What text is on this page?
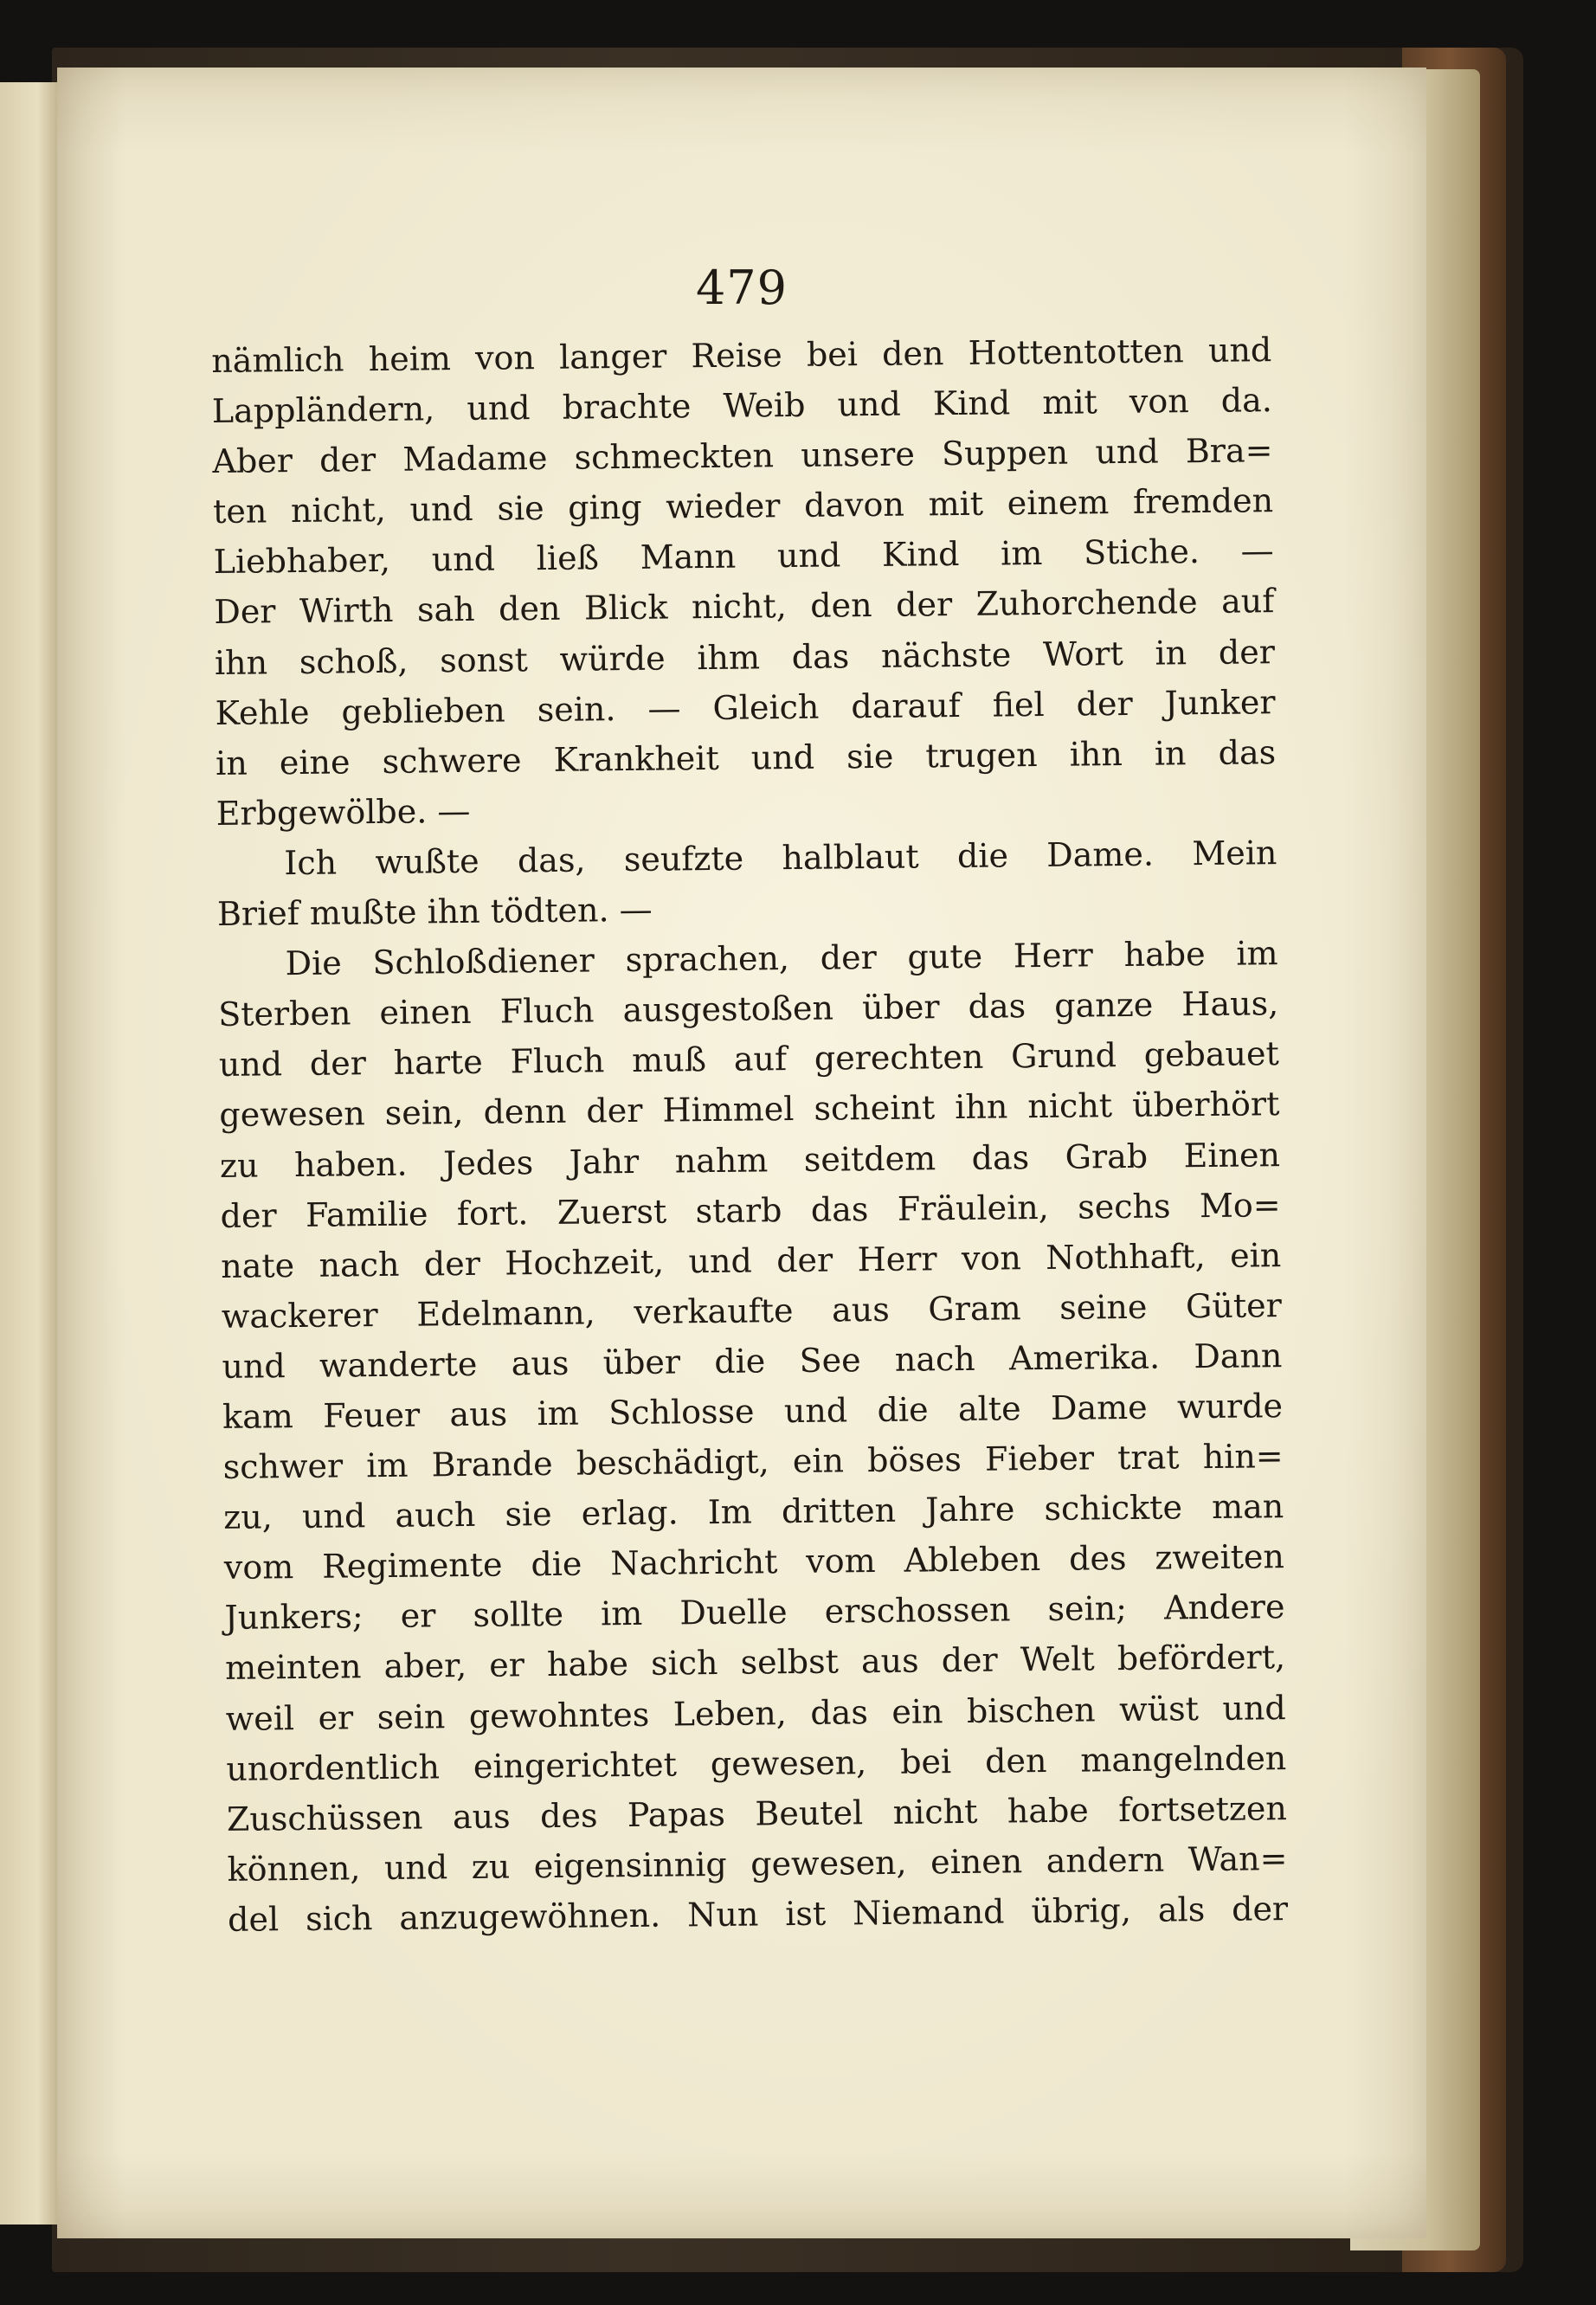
479
nämlich heim von langer Reise bei den Hottentotten und
Lappländern, und brachte Weib und Kind mit von da.
Aber der Madame schmeckten unsere Suppen und Bra=
ten nicht, und sie ging wieder davon mit einem fremden
Liebhaber, und ließ Mann und Kind im Stiche. —
Der Wirth sah den Blick nicht, den der Zuhorchende auf
ihn schoß, sonst würde ihm das nächste Wort in der
Kehle geblieben sein. — Gleich darauf fiel der Junker
in eine schwere Krankheit und sie trugen ihn in das
Erbgewölbe. —
Ich wußte das, seufzte halblaut die Dame. Mein
Brief mußte ihn tödten. —
Die Schloßdiener sprachen, der gute Herr habe im
Sterben einen Fluch ausgestoßen über das ganze Haus,
und der harte Fluch muß auf gerechten Grund gebauet
gewesen sein, denn der Himmel scheint ihn nicht überhört
zu haben. Jedes Jahr nahm seitdem das Grab Einen
der Familie fort. Zuerst starb das Fräulein, sechs Mo=
nate nach der Hochzeit, und der Herr von Nothhaft, ein
wackerer Edelmann, verkaufte aus Gram seine Güter
und wanderte aus über die See nach Amerika. Dann
kam Feuer aus im Schlosse und die alte Dame wurde
schwer im Brande beschädigt, ein böses Fieber trat hin=
zu, und auch sie erlag. Im dritten Jahre schickte man
vom Regimente die Nachricht vom Ableben des zweiten
Junkers; er sollte im Duelle erschossen sein; Andere
meinten aber, er habe sich selbst aus der Welt befördert,
weil er sein gewohntes Leben, das ein bischen wüst und
unordentlich eingerichtet gewesen, bei den mangelnden
Zuschüssen aus des Papas Beutel nicht habe fortsetzen
können, und zu eigensinnig gewesen, einen andern Wan=
del sich anzugewöhnen. Nun ist Niemand übrig, als der
